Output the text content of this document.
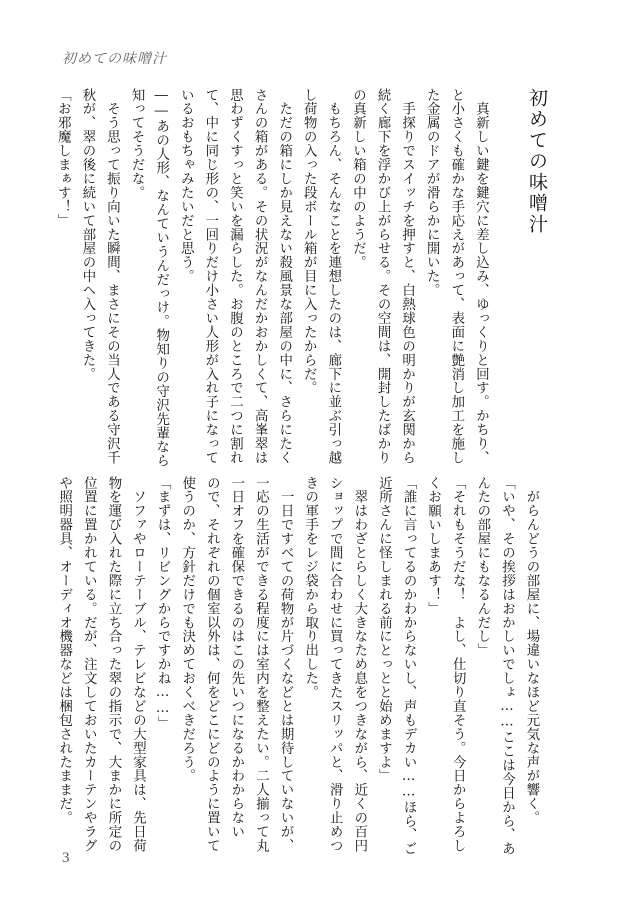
初めての味噌汁

初めての味噌汁

　真新しい鍵を鍵穴に差し込み、ゆっくりと回す。かちり、

と小さくも確かな手応えがあって、表面に艶消し加工を施し

た金属のドアが滑らかに開いた。

　手探りでスイッチを押すと、白熱球色の明かりが玄関から

続く廊下を浮かび上がらせる。その空間は、開封したばかり

の真新しい箱の中のようだ。

　もちろん、そんなことを連想したのは、廊下に並ぶ引っ越

し荷物の入った段ボール箱が目に入ったからだ。

　ただの箱にしか見えない殺風景な部屋の中に、さらにたく

さんの箱がある。その状況がなんだかおかしくて、高峯翠は

思わずくすっと笑いを漏らした。お腹のところで二つに割れ

て、中に同じ形の、一回りだけ小さい人形が入れ子になって

いるおもちゃみたいだと思う。

――あの人形、なんていうんだっけ。物知りの守沢先輩なら

知ってそうだな。

　そう思って振り向いた瞬間、まさにその当人である守沢千

秋が、翠の後に続いて部屋の中へ入ってきた。

「お邪魔しまぁす！」

　がらんどうの部屋に、場違いなほど元気な声が響く。

「いや、その挨拶はおかしいでしょ……ここは今日から、あ

んたの部屋にもなるんだし」

「それもそうだな！　よし、仕切り直そう。今日からよろし

くお願いしまあす！」

「誰に言ってるのかわからないし、声もデカい……ほら、ご

近所さんに怪しまれる前にとっとと始めますよ」

　翠はわざとらしく大きなため息をつきながら、近くの百円

ショップで間に合わせに買ってきたスリッパと、滑り止めつ

きの軍手をレジ袋から取り出した。

　一日ですべての荷物が片づくなどとは期待していないが、

一応の生活ができる程度には室内を整えたい。二人揃って丸

一日オフを確保できるのはこの先いつになるかわからない

ので、それぞれの個室以外は、何をどこにどのように置いて

使うのか、方針だけでも決めておくべきだろう。

「まずは、リビングからですかね……」

　ソファやローテーブル、テレビなどの大型家具は、先日荷

物を運び入れた際に立ち合った翠の指示で、大まかに所定の

位置に置かれている。だが、注文しておいたカーテンやラグ

や照明器具、オーディオ機器などは梱包されたままだ。

3
